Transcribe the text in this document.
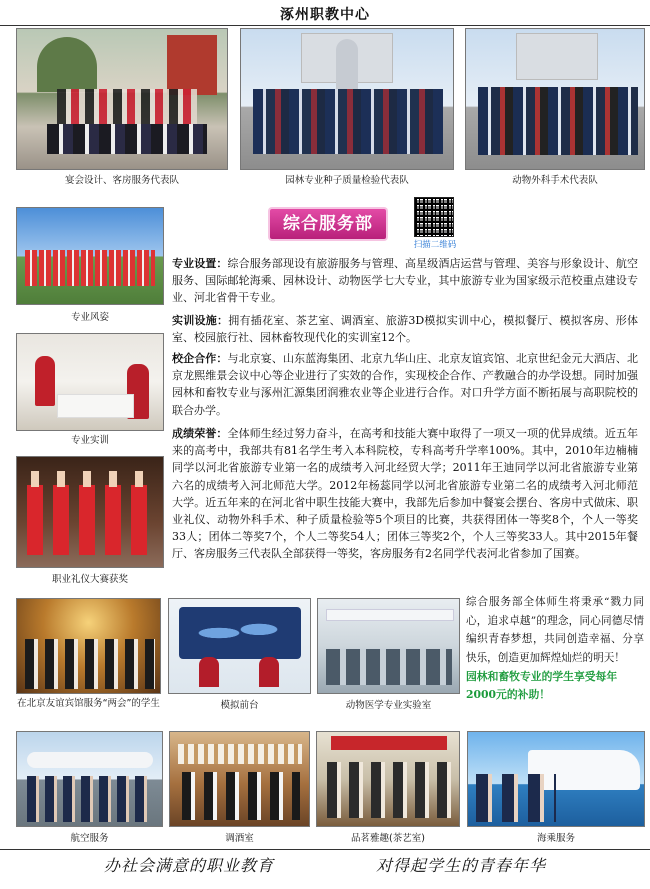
涿州职教中心
宴会设计、客房服务代表队	园林专业种子质量检验代表队	动物外科手术代表队
专业风姿
专业实训
职业礼仪大赛获奖
综合服务部
扫描二维码
专业设置：综合服务部现设有旅游服务与管理、高星级酒店运营与管理、美容与形象设计、航空服务、国际邮轮海乘、园林设计、动物医学七大专业，其中旅游专业为国家级示范校重点建设专业、河北省骨干专业。
实训设施：拥有插花室、茶艺室、调酒室、旅游3D模拟实训中心，模拟餐厅、模拟客房、形体室、校园旅行社、园林畜牧现代化的实训室12个。
校企合作：与北京宴、山东蓝海集团、北京九华山庄、北京友谊宾馆、北京世纪金元大酒店、北京龙熙维景会议中心等企业进行了实效的合作，实现校企合作、产教融合的办学设想。同时加强园林和畜牧专业与涿州汇源集团润雅农业等企业进行合作。对口升学方面不断拓展与高职院校的联合办学。
成绩荣誉：全体师生经过努力奋斗，在高考和技能大赛中取得了一项又一项的优异成绩。近五年来的高考中，我部共有81名学生考入本科院校，专科高考升学率100%。其中，2010年边楠楠同学以河北省旅游专业第一名的成绩考入河北经贸大学；2011年王迪同学以河北省旅游专业第六名的成绩考入河北师范大学。2012年杨蕊同学以河北省旅游专业第二名的成绩考入河北师范大学。近五年来的在河北省中职生技能大赛中，我部先后参加中餐宴会摆台、客房中式做床、职业礼仪、动物外科手术、种子质量检验等5个项目的比赛，共获得团体一等奖8个，个人一等奖33人；团体二等奖7个，个人二等奖54人；团体三等奖2个，个人三等奖33人。其中2015年餐厅、客房服务三代表队全部获得一等奖，客房服务有2名同学代表河北省参加了国赛。
在北京友谊宾馆服务“两会”的学生	模拟前台	动物医学专业实验室
综合服务部全体师生将秉承“戮力同心，追求卓越”的理念，同心同德尽情编织青春梦想，共同创造幸福、分享快乐，创造更加辉煌灿烂的明天！
园林和畜牧专业的学生享受每年2000元的补助！
航空服务	调酒室	品茗雅趣(茶艺室)	海乘服务
办社会满意的职业教育	对得起学生的青春年华
